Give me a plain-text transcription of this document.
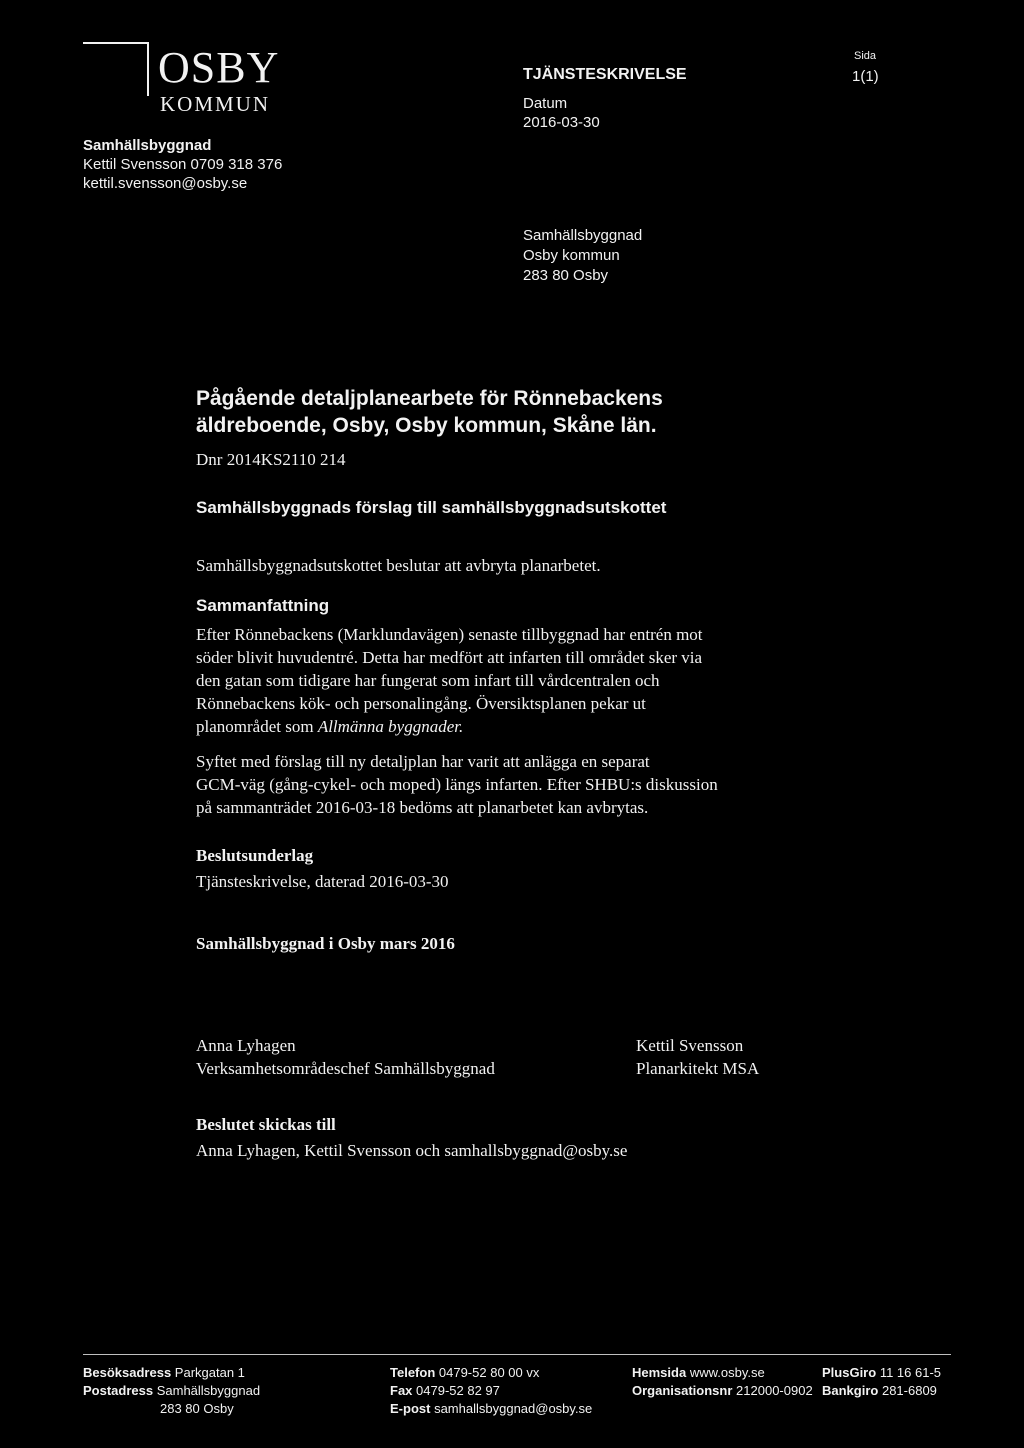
OSBY
KOMMUN
Samhällsbyggnad
Kettil Svensson 0709 318 376
kettil.svensson@osby.se
TJÄNSTESKRIVELSE
Datum
2016-03-30
Sida
1(1)
Samhällsbyggnad
Osby kommun
283 80 Osby
Pågående detaljplanearbete för Rönnebackens
äldreboende, Osby, Osby kommun, Skåne län.
Dnr 2014KS2110 214
Samhällsbyggnads förslag till samhällsbyggnadsutskottet
Samhällsbyggnadsutskottet beslutar att avbryta planarbetet.
Sammanfattning
Efter Rönnebackens (Marklundavägen) senaste tillbyggnad har entrén mot
söder blivit huvudentré. Detta har medfört att infarten till området sker via
den gatan som tidigare har fungerat som infart till vårdcentralen och
Rönnebackens kök- och personalingång. Översiktsplanen pekar ut
planområdet som Allmänna byggnader.
Syftet med förslag till ny detaljplan har varit att anlägga en separat
GCM-väg (gång-cykel- och moped) längs infarten. Efter SHBU:s diskussion
på sammanträdet 2016-03-18 bedöms att planarbetet kan avbrytas.
Beslutsunderlag
Tjänsteskrivelse, daterad 2016-03-30
Samhällsbyggnad i Osby mars 2016
Anna Lyhagen
Verksamhetsområdeschef Samhällsbyggnad
Kettil Svensson
Planarkitekt MSA
Beslutet skickas till
Anna Lyhagen, Kettil Svensson och samhallsbyggnad@osby.se
Besöksadress Parkgatan 1
Postadress Samhällsbyggnad
283 80 Osby
Telefon 0479-52 80 00 vx
Fax 0479-52 82 97
E-post samhallsbyggnad@osby.se
Hemsida www.osby.se
Organisationsnr 212000-0902
PlusGiro 11 16 61-5
Bankgiro 281-6809
